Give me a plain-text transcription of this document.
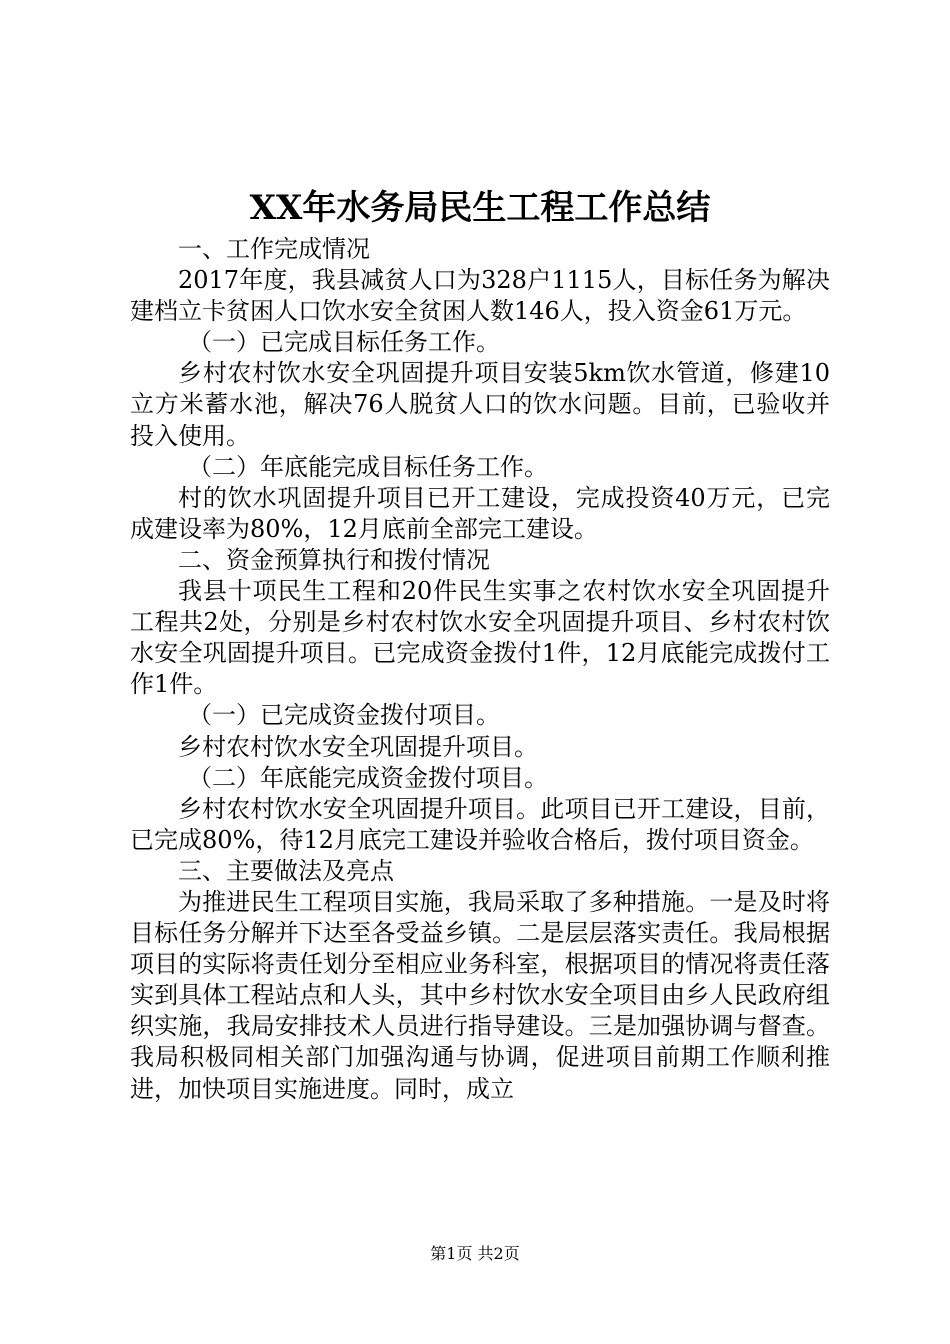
XX年水务局民生工程工作总结

一、工作完成情况

2017年度，我县减贫人口为328户1115人，目标任务为解决建档立卡贫困人口饮水安全贫困人数146人，投入资金61万元。

（一）已完成目标任务工作。

乡村农村饮水安全巩固提升项目安装5km饮水管道，修建10立方米蓄水池，解决76人脱贫人口的饮水问题。目前，已验收并投入使用。

（二）年底能完成目标任务工作。

村的饮水巩固提升项目已开工建设，完成投资40万元，已完成建设率为80%，12月底前全部完工建设。

二、资金预算执行和拨付情况

我县十项民生工程和20件民生实事之农村饮水安全巩固提升工程共2处，分别是乡村农村饮水安全巩固提升项目、乡村农村饮水安全巩固提升项目。已完成资金拨付1件，12月底能完成拨付工作1件。

（一）已完成资金拨付项目。

乡村农村饮水安全巩固提升项目。

（二）年底能完成资金拨付项目。

乡村农村饮水安全巩固提升项目。此项目已开工建设，目前，已完成80%，待12月底完工建设并验收合格后，拨付项目资金。

三、主要做法及亮点

为推进民生工程项目实施，我局采取了多种措施。一是及时将目标任务分解并下达至各受益乡镇。二是层层落实责任。我局根据项目的实际将责任划分至相应业务科室，根据项目的情况将责任落实到具体工程站点和人头，其中乡村饮水安全项目由乡人民政府组织实施，我局安排技术人员进行指导建设。三是加强协调与督查。我局积极同相关部门加强沟通与协调，促进项目前期工作顺利推进，加快项目实施进度。同时，成立

第1页 共2页
